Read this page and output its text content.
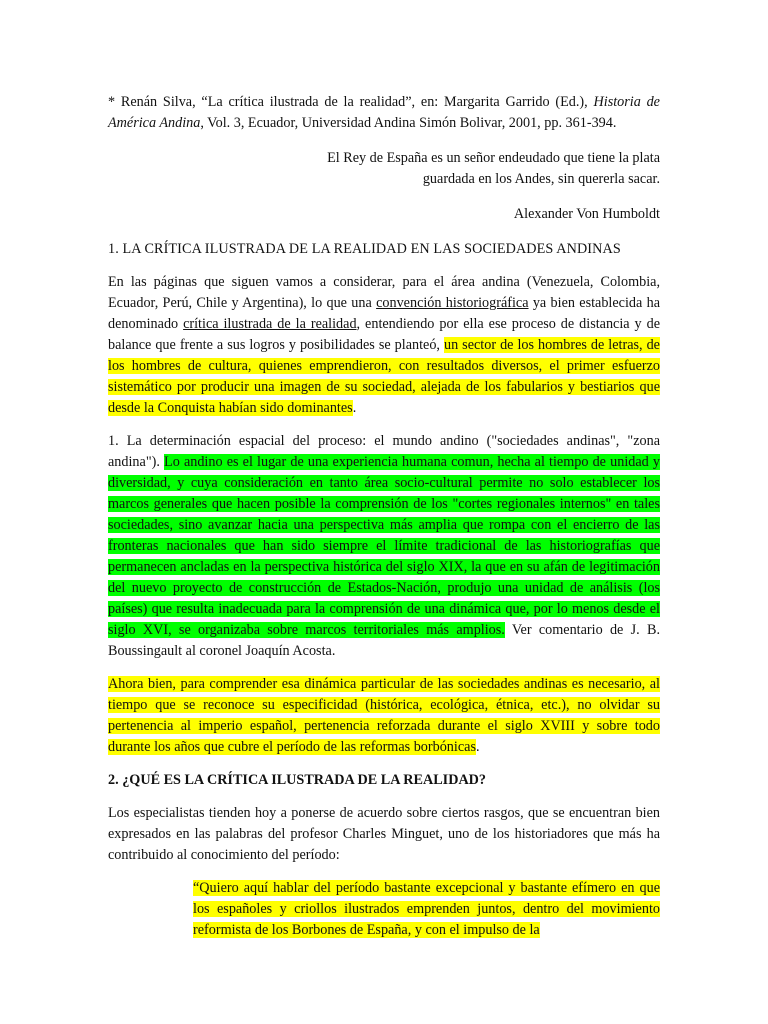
* Renán Silva, “La crítica ilustrada de la realidad”, en: Margarita Garrido (Ed.), Historia de América Andina, Vol. 3, Ecuador, Universidad Andina Simón Bolivar, 2001, pp. 361-394.

El Rey de España es un señor endeudado que tiene la plata

guardada en los Andes, sin quererla sacar.

Alexander Von Humboldt

1. LA CRÍTICA ILUSTRADA DE LA REALIDAD EN LAS SOCIEDADES ANDINAS

En las páginas que siguen vamos a considerar, para el área andina (Venezuela, Colombia, Ecuador, Perú, Chile y Argentina), lo que una convención historiográfica ya bien establecida ha denominado crítica ilustrada de la realidad, entendiendo por ella ese proceso de distancia y de balance que frente a sus logros y posibilidades se planteó, un sector de los hombres de letras, de los hombres de cultura, quienes emprendieron, con resultados diversos, el primer esfuerzo sistemático por producir una imagen de su sociedad, alejada de los fabularios y bestiarios que desde la Conquista habían sido dominantes.

1. La determinación espacial del proceso: el mundo andino ("sociedades andinas", "zona andina"). Lo andino es el lugar de una experiencia humana comun, hecha al tiempo de unidad y diversidad, y cuya consideración en tanto área socio-cultural permite no solo establecer los marcos generales que hacen posible la comprensión de los "cortes regionales internos" en tales sociedades, sino avanzar hacia una perspectiva más amplia que rompa con el encierro de las fronteras nacionales que han sido siempre el límite tradicional de las historiografías que permanecen ancladas en la perspectiva histórica del siglo XIX, la que en su afán de legitimación del nuevo proyecto de construcción de Estados-Nación, produjo una unidad de análisis (los países) que resulta inadecuada para la comprensión de una dinámica que, por lo menos desde el siglo XVI, se organizaba sobre marcos territoriales más amplios. Ver comentario de J. B. Boussingault al coronel Joaquín Acosta.

Ahora bien, para comprender esa dinámica particular de las sociedades andinas es necesario, al tiempo que se reconoce su especificidad (histórica, ecológica, étnica, etc.), no olvidar su pertenencia al imperio español, pertenencia reforzada durante el siglo XVIII y sobre todo durante los años que cubre el período de las reformas borbónicas.

2. ¿QUÉ ES LA CRÍTICA ILUSTRADA DE LA REALIDAD?

Los especialistas tienden hoy a ponerse de acuerdo sobre ciertos rasgos, que se encuentran bien expresados en las palabras del profesor Charles Minguet, uno de los historiadores que más ha contribuido al conocimiento del período:

“Quiero aquí hablar del período bastante excepcional y bastante efímero en que los españoles y criollos ilustrados emprenden juntos, dentro del movimiento reformista de los Borbones de España, y con el impulso de la
